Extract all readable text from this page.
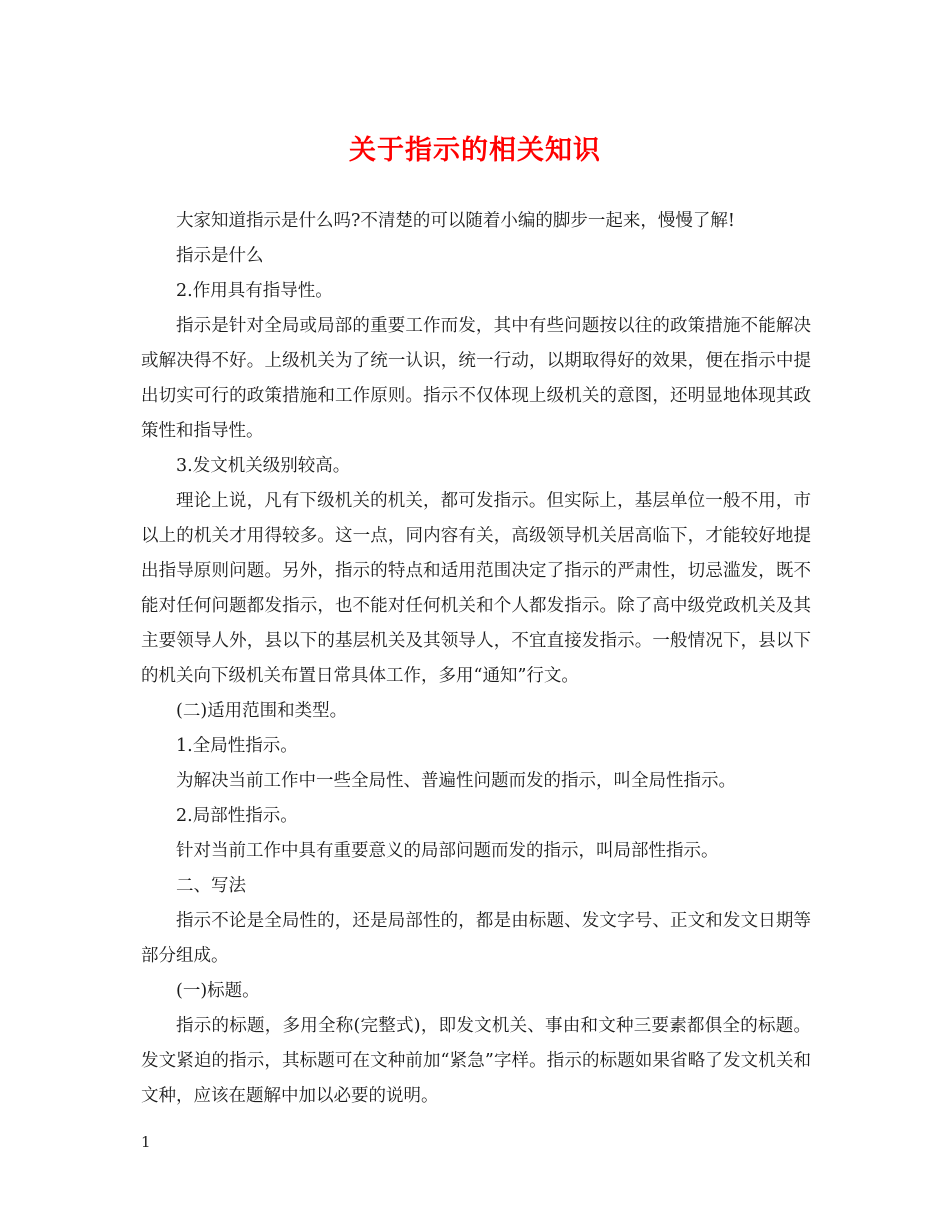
关于指示的相关知识

大家知道指示是什么吗?不清楚的可以随着小编的脚步一起来，慢慢了解!

指示是什么

2.作用具有指导性。

指示是针对全局或局部的重要工作而发，其中有些问题按以往的政策措施不能解决或解决得不好。上级机关为了统一认识，统一行动，以期取得好的效果，便在指示中提出切实可行的政策措施和工作原则。指示不仅体现上级机关的意图，还明显地体现其政策性和指导性。

3.发文机关级别较高。

理论上说，凡有下级机关的机关，都可发指示。但实际上，基层单位一般不用，市以上的机关才用得较多。这一点，同内容有关，高级领导机关居高临下，才能较好地提出指导原则问题。另外，指示的特点和适用范围决定了指示的严肃性，切忌滥发，既不能对任何问题都发指示，也不能对任何机关和个人都发指示。除了高中级党政机关及其主要领导人外，县以下的基层机关及其领导人，不宜直接发指示。一般情况下，县以下的机关向下级机关布置日常具体工作，多用“通知”行文。

(二)适用范围和类型。

1.全局性指示。

为解决当前工作中一些全局性、普遍性问题而发的指示，叫全局性指示。

2.局部性指示。

针对当前工作中具有重要意义的局部问题而发的指示，叫局部性指示。

二、写法

指示不论是全局性的，还是局部性的，都是由标题、发文字号、正文和发文日期等部分组成。

(一)标题。

指示的标题，多用全称(完整式)，即发文机关、事由和文种三要素都俱全的标题。发文紧迫的指示，其标题可在文种前加“紧急”字样。指示的标题如果省略了发文机关和文种，应该在题解中加以必要的说明。

1
